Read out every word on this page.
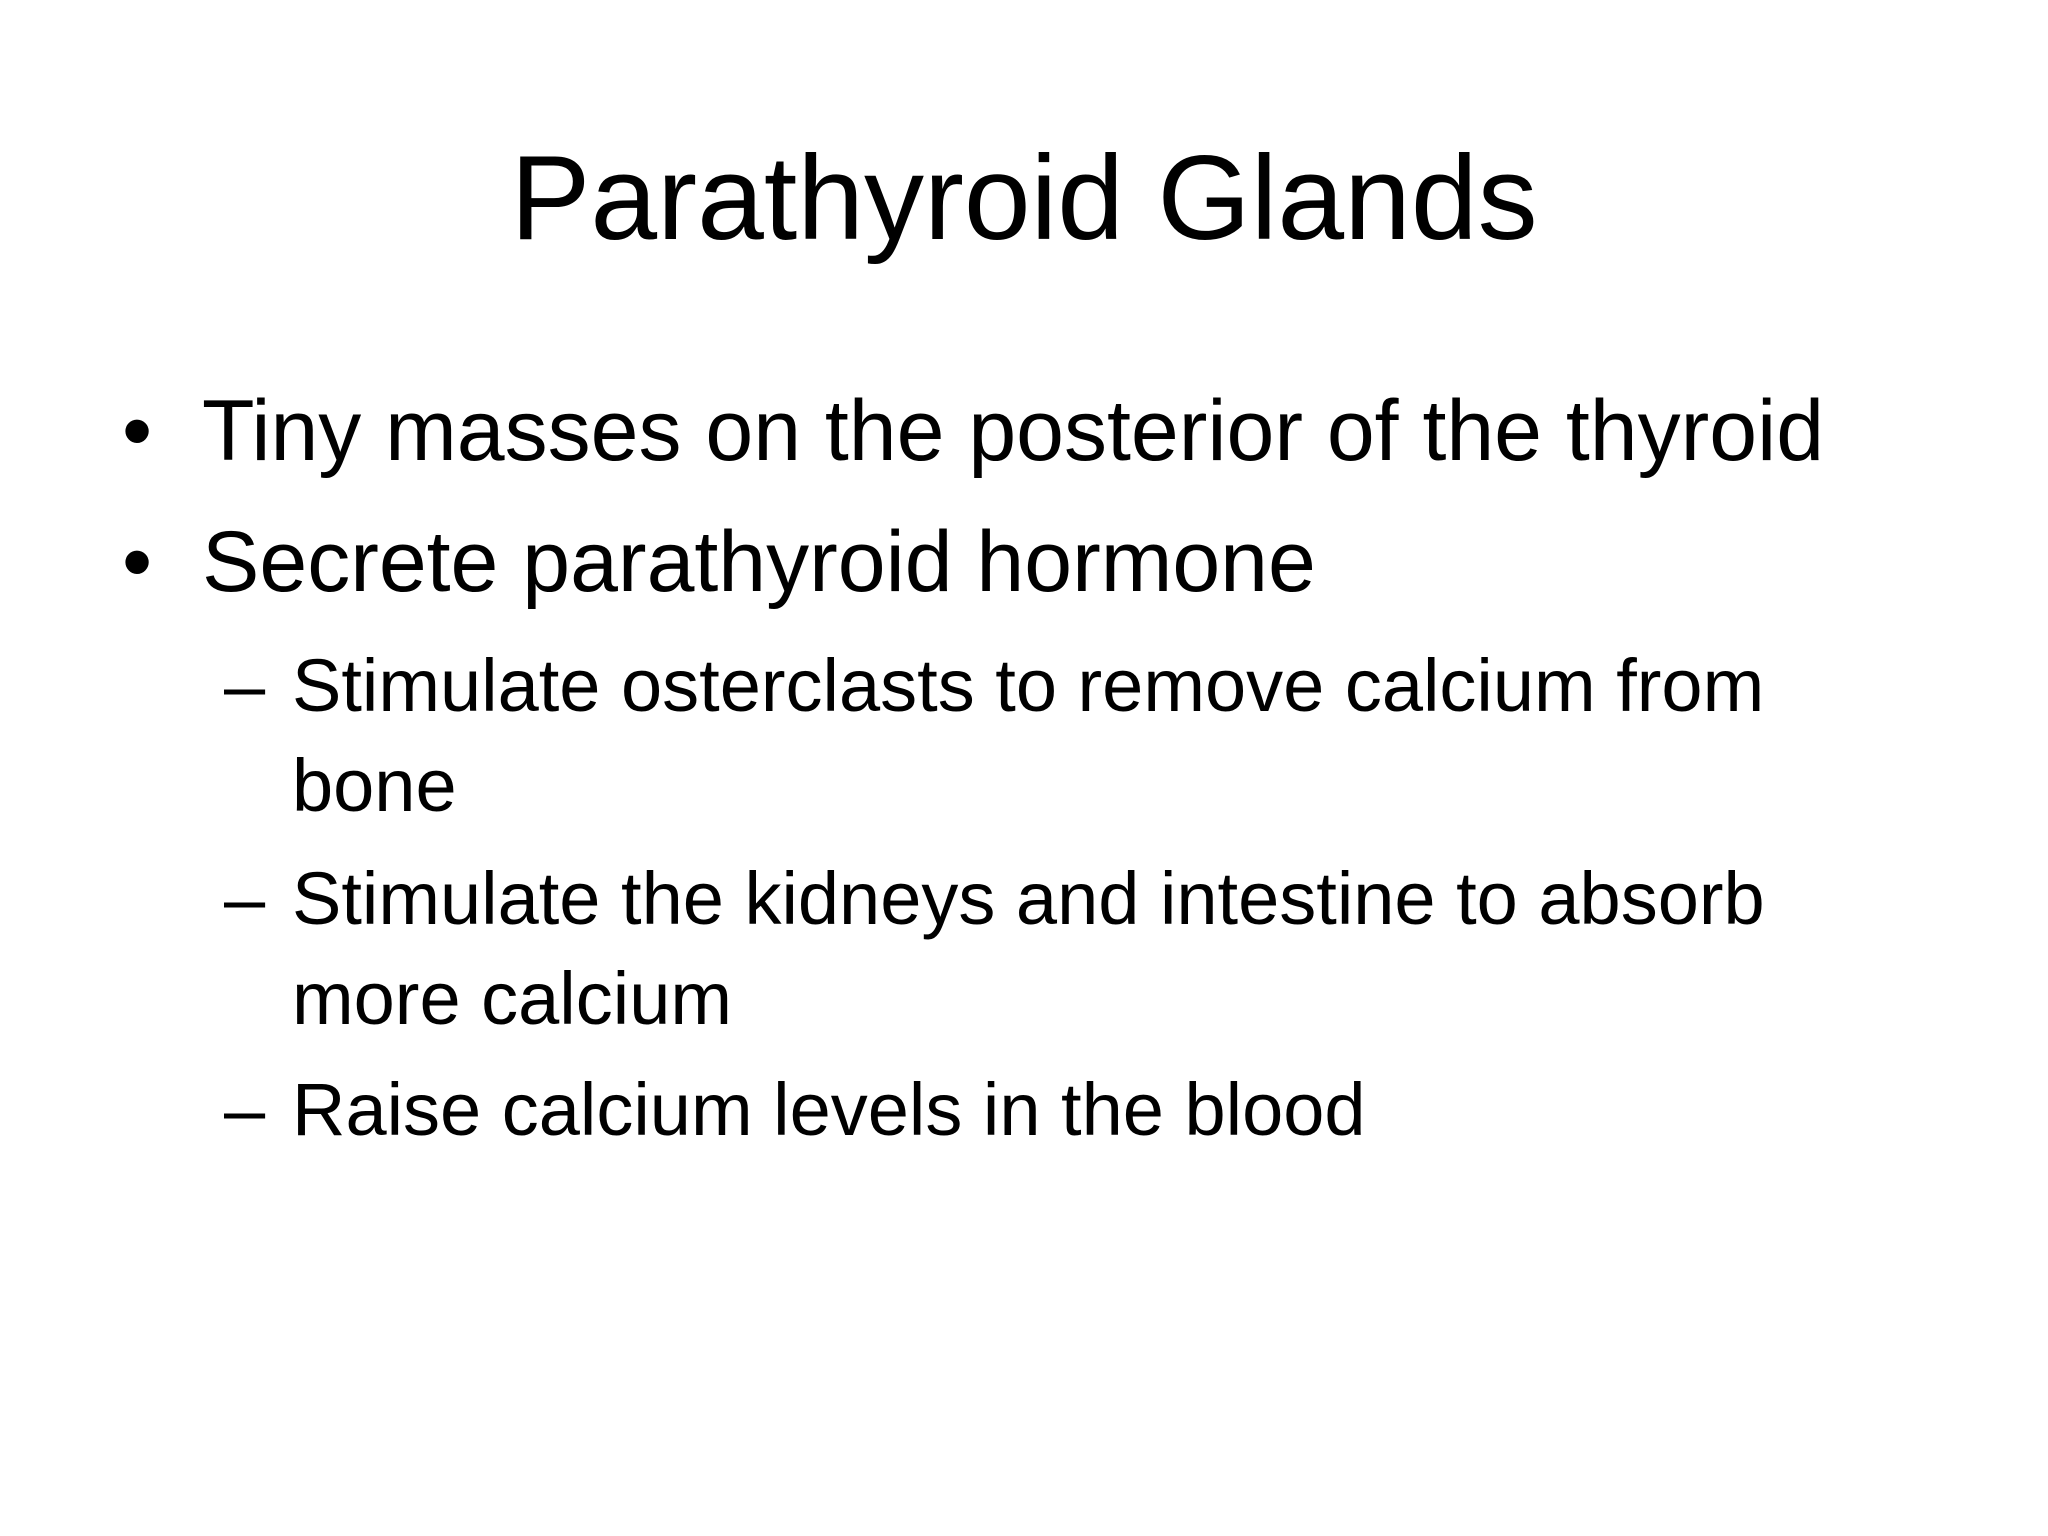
Parathyroid Glands
• Tiny masses on the posterior of the thyroid
• Secrete parathyroid hormone
– Stimulate osterclasts to remove calcium from bone
– Stimulate the kidneys and intestine to absorb more calcium
– Raise calcium levels in the blood
